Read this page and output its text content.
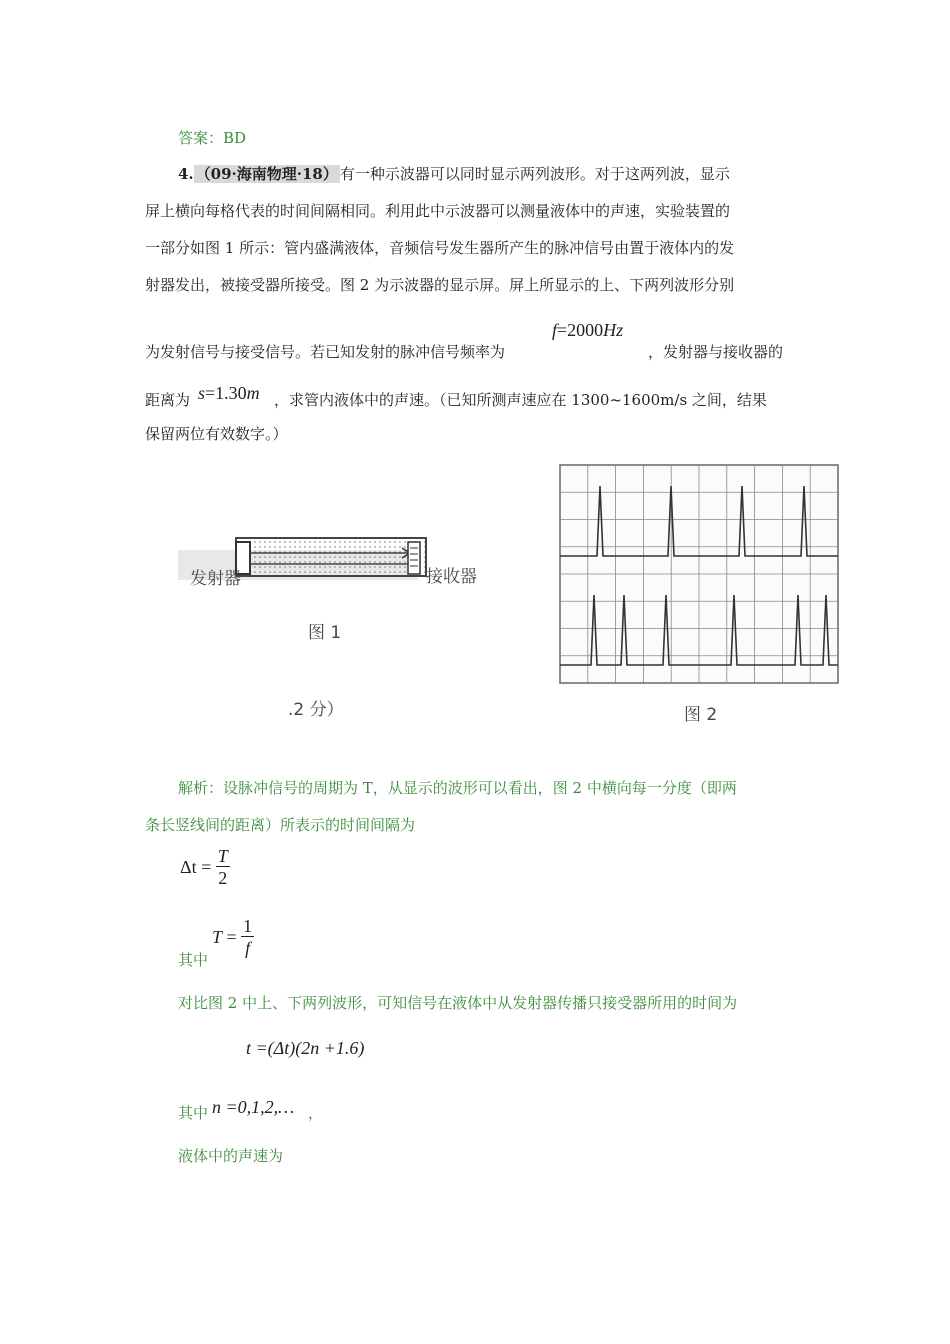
答案：BD
4. （09·海南物理·18） 有一种示波器可以同时显示两列波形。对于这两列波，显示
屏上横向每格代表的时间间隔相同。利用此中示波器可以测量液体中的声速，实验装置的
一部分如图 1 所示：管内盛满液体，音频信号发生器所产生的脉冲信号由置于液体内的发
射器发出，被接受器所接受。图 2 为示波器的显示屏。屏上所显示的上、下两列波形分别
为发射信号与接受信号。若已知发射的脉冲信号频率为
f=2000Hz
，发射器与接收器的
距离为 s=1.30m ，求管内液体中的声速。（已知所测声速应在 1300~1600m/s 之间，结果
保留两位有效数字。）
发射器	接收器
图 1
.2 分）	图 2
解析：设脉冲信号的周期为 T，从显示的波形可以看出，图 2 中横向每一分度（即两
条长竖线间的距离）所表示的时间间隔为
$\Delta t = \frac{T}{2}$
其中
$T = \frac{1}{f}$
对比图 2 中上、下两列波形，可知信号在液体中从发射器传播只接受器所用的时间为
t =(Δt)(2n +1.6)
其中 n =0,1,2,… ，
液体中的声速为
